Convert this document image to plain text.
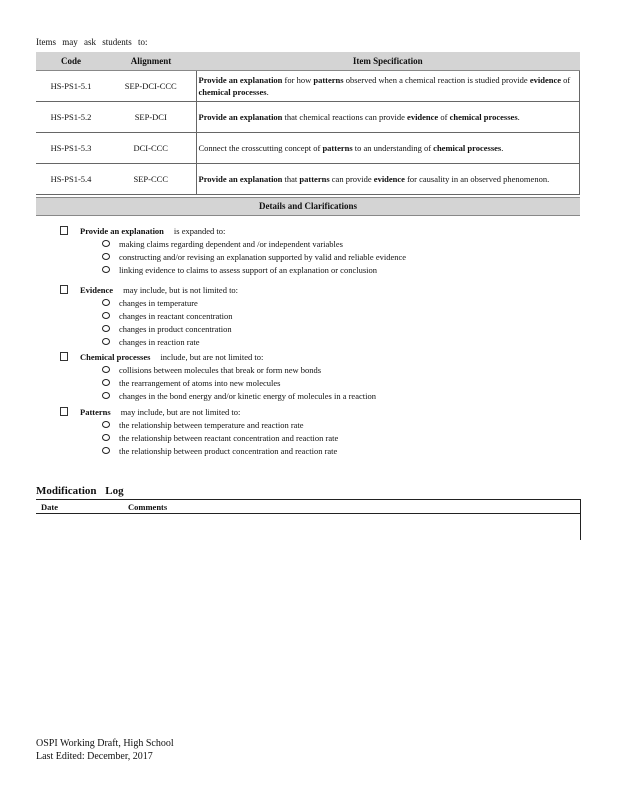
Items may ask students to:
Code	Alignment	Item Specification
HS-PS1-5.1	SEP-DCI-CCC	Provide an explanation for how patterns observed when a chemical reaction is studied provide evidence of chemical processes.
HS-PS1-5.2	SEP-DCI	Provide an explanation that chemical reactions can provide evidence of chemical processes.
HS-PS1-5.3	DCI-CCC	Connect the crosscutting concept of patterns to an understanding of chemical processes.
HS-PS1-5.4	SEP-CCC	Provide an explanation that patterns can provide evidence for causality in an observed phenomenon.
Details and Clarifications
Provide an explanation is expanded to:
making claims regarding dependent and /or independent variables
constructing and/or revising an explanation supported by valid and reliable evidence
linking evidence to claims to assess support of an explanation or conclusion
Evidence may include, but is not limited to:
changes in temperature
changes in reactant concentration
changes in product concentration
changes in reaction rate
Chemical processes include, but are not limited to:
collisions between molecules that break or form new bonds
the rearrangement of atoms into new molecules
changes in the bond energy and/or kinetic energy of molecules in a reaction
Patterns may include, but are not limited to:
the relationship between temperature and reaction rate
the relationship between reactant concentration and reaction rate
the relationship between product concentration and reaction rate
Modification Log
Date	Comments
OSPI Working Draft, High School
Last Edited: December, 2017
